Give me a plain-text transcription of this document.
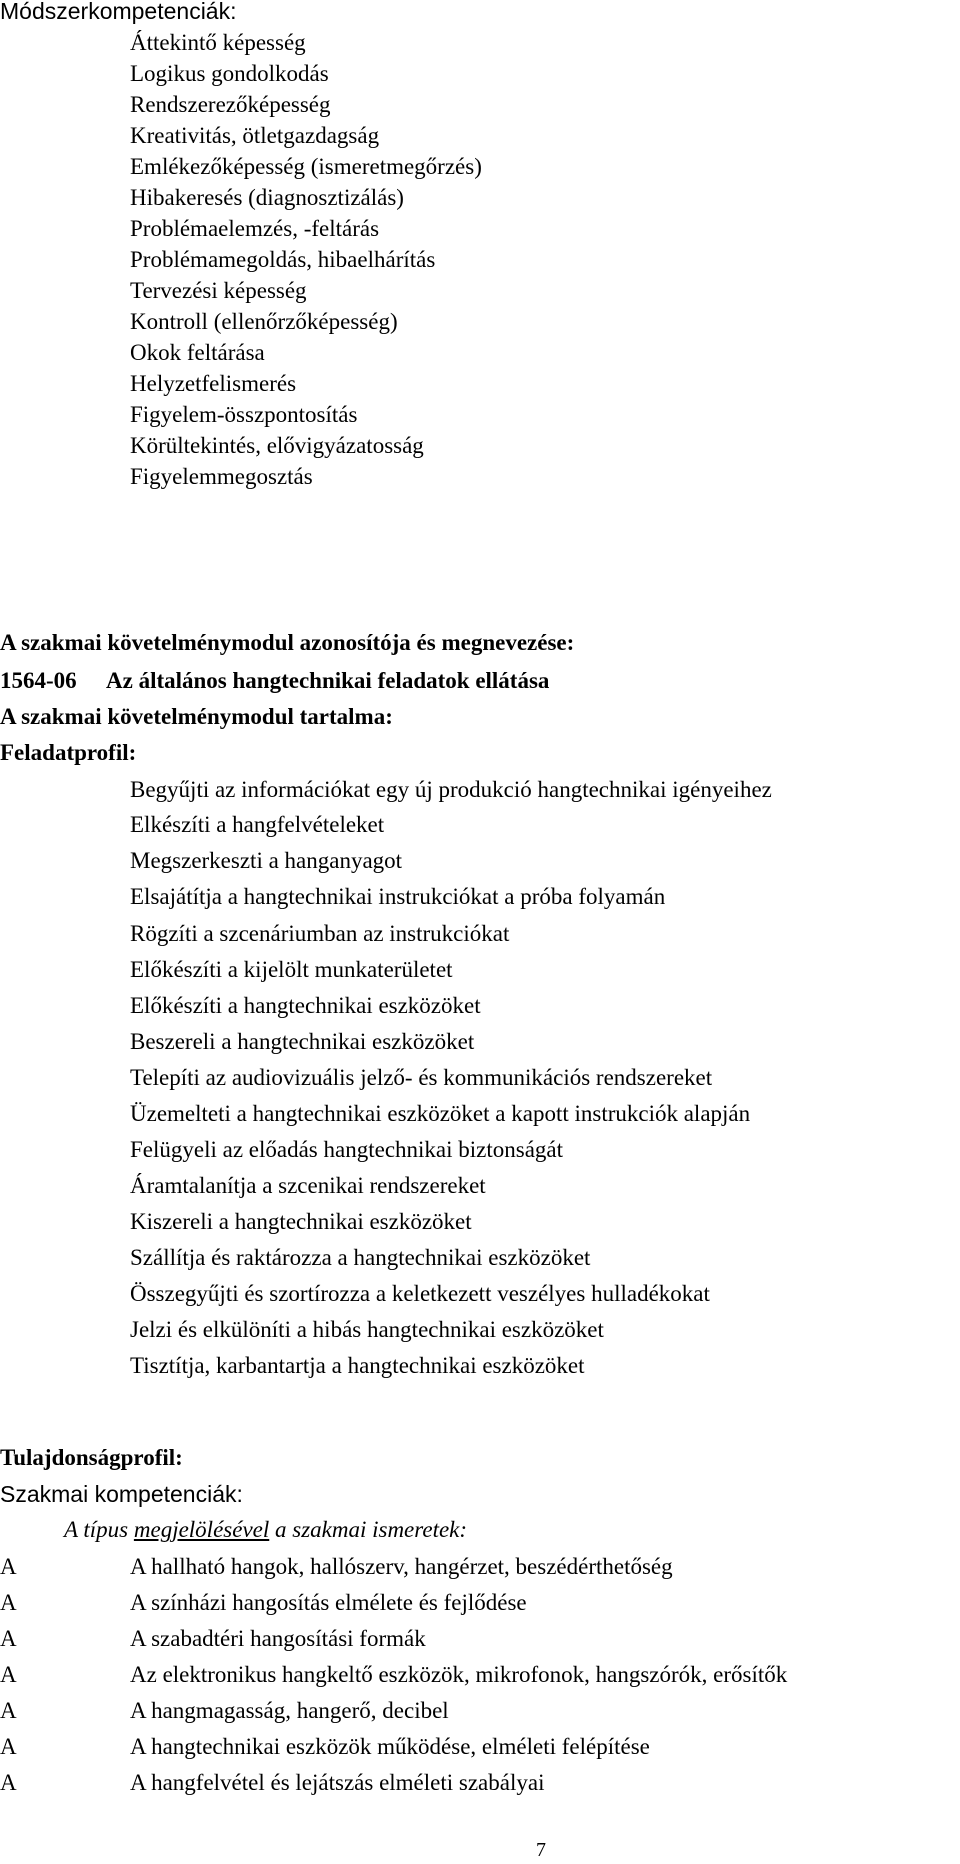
Módszerkompetenciák:
Áttekintő képesség
Logikus gondolkodás
Rendszerezőképesség
Kreativitás, ötletgazdagság
Emlékezőképesség (ismeretmegőrzés)
Hibakeresés (diagnosztizálás)
Problémaelemzés, -feltárás
Problémamegoldás, hibaelhárítás
Tervezési képesség
Kontroll (ellenőrzőképesség)
Okok feltárása
Helyzetfelismerés
Figyelem-összpontosítás
Körültekintés, elővigyázatosság
Figyelemmegosztás
A szakmai követelménymodul azonosítója és megnevezése:
1564-06 Az általános hangtechnikai feladatok ellátása
A szakmai követelménymodul tartalma:
Feladatprofil:
Begyűjti az információkat egy új produkció hangtechnikai igényeihez
Elkészíti a hangfelvételeket
Megszerkeszti a hanganyagot
Elsajátítja a hangtechnikai instrukciókat a próba folyamán
Rögzíti a szcenáriumban az instrukciókat
Előkészíti a kijelölt munkaterületet
Előkészíti a hangtechnikai eszközöket
Beszereli a hangtechnikai eszközöket
Telepíti az audiovizuális jelző- és kommunikációs rendszereket
Üzemelteti a hangtechnikai eszközöket a kapott instrukciók alapján
Felügyeli az előadás hangtechnikai biztonságát
Áramtalanítja a szcenikai rendszereket
Kiszereli a hangtechnikai eszközöket
Szállítja és raktározza a hangtechnikai eszközöket
Összegyűjti és szortírozza a keletkezett veszélyes hulladékokat
Jelzi és elkülöníti a hibás hangtechnikai eszközöket
Tisztítja, karbantartja a hangtechnikai eszközöket
Tulajdonságprofil:
Szakmai kompetenciák:
A típus megjelölésével a szakmai ismeretek:
A	A hallható hangok, hallószerv, hangérzet, beszédérthetőség
A	A színházi hangosítás elmélete és fejlődése
A	A szabadtéri hangosítási formák
A	Az elektronikus hangkeltő eszközök, mikrofonok, hangszórók, erősítők
A	A hangmagasság, hangerő, decibel
A	A hangtechnikai eszközök működése, elméleti felépítése
A	A hangfelvétel és lejátszás elméleti szabályai
7
